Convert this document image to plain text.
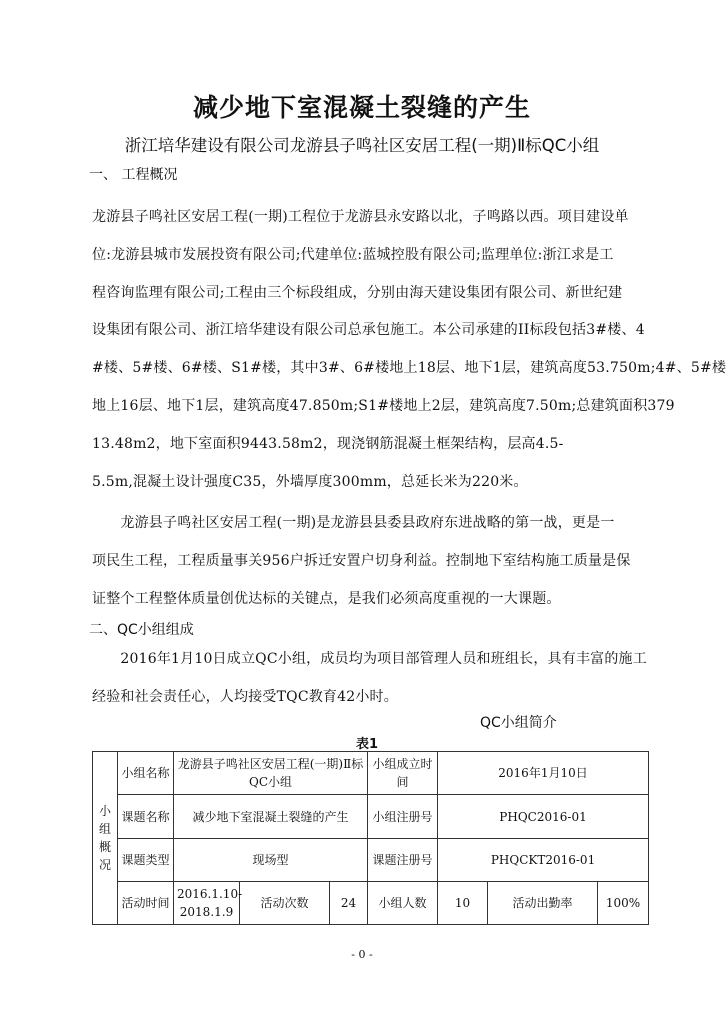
减少地下室混凝土裂缝的产生
浙江培华建设有限公司龙游县子鸣社区安居工程(一期)Ⅱ标QC小组
一、 工程概况
龙游县子鸣社区安居工程(一期)工程位于龙游县永安路以北，子鸣路以西。项目建设单
位:龙游县城市发展投资有限公司;代建单位:蓝城控股有限公司;监理单位:浙江求是工
程咨询监理有限公司;工程由三个标段组成，分别由海天建设集团有限公司、新世纪建
设集团有限公司、浙江培华建设有限公司总承包施工。本公司承建的II标段包括3#楼、4
#楼、5#楼、6#楼、S1#楼，其中3#、6#楼地上18层、地下1层，建筑高度53.750m;4#、5#楼
地上16层、地下1层，建筑高度47.850m;S1#楼地上2层，建筑高度7.50m;总建筑面积379
13.48m2，地下室面积9443.58m2，现浇钢筋混凝土框架结构，层高4.5-
5.5m,混凝土设计强度C35，外墙厚度300mm，总延长米为220米。
　　龙游县子鸣社区安居工程(一期)是龙游县县委县政府东进战略的第一战，更是一
项民生工程，工程质量事关956户拆迁安置户切身利益。控制地下室结构施工质量是保
证整个工程整体质量创优达标的关键点，是我们必须高度重视的一大课题。
二、QC小组组成
　　2016年1月10日成立QC小组，成员均为项目部管理人员和班组长，具有丰富的施工
经验和社会责任心，人均接受TQC教育42小时。
QC小组简介
表1
小组概况	小组名称	龙游县子鸣社区安居工程(一期)Ⅱ标QC小组			小组成立时间	2016年1月10日		
	课题名称	减少地下室混凝土裂缝的产生			小组注册号	PHQC2016-01		
	课题类型	现场型			课题注册号	PHQCKT2016-01		
	活动时间	2016.1.10-2018.1.9	活动次数	24	小组人数	10	活动出勤率	100%
- 0 -
